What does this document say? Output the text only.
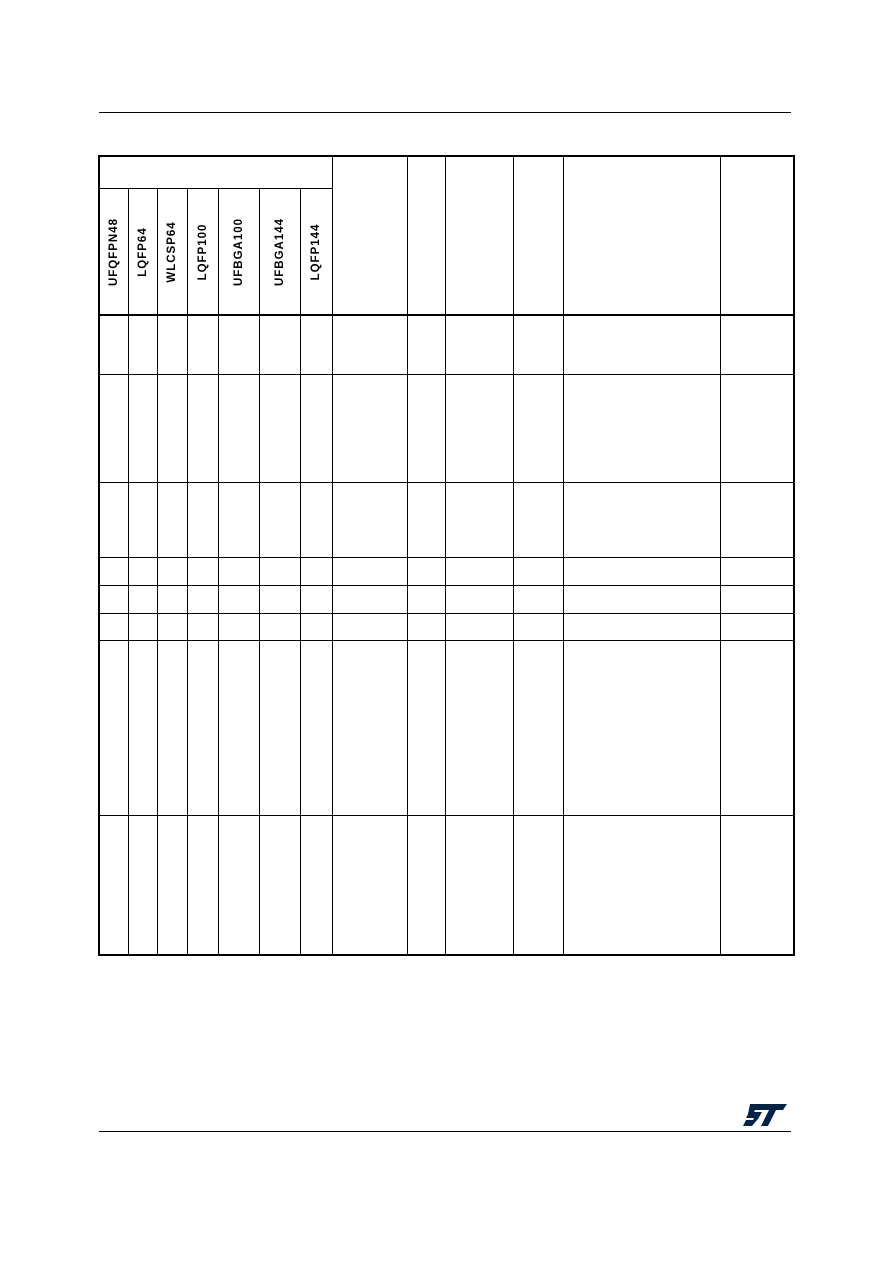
UFQFPN48	LQFP64	WLCSP64	LQFP100	UFBGA100	UFBGA144	LQFP144						
